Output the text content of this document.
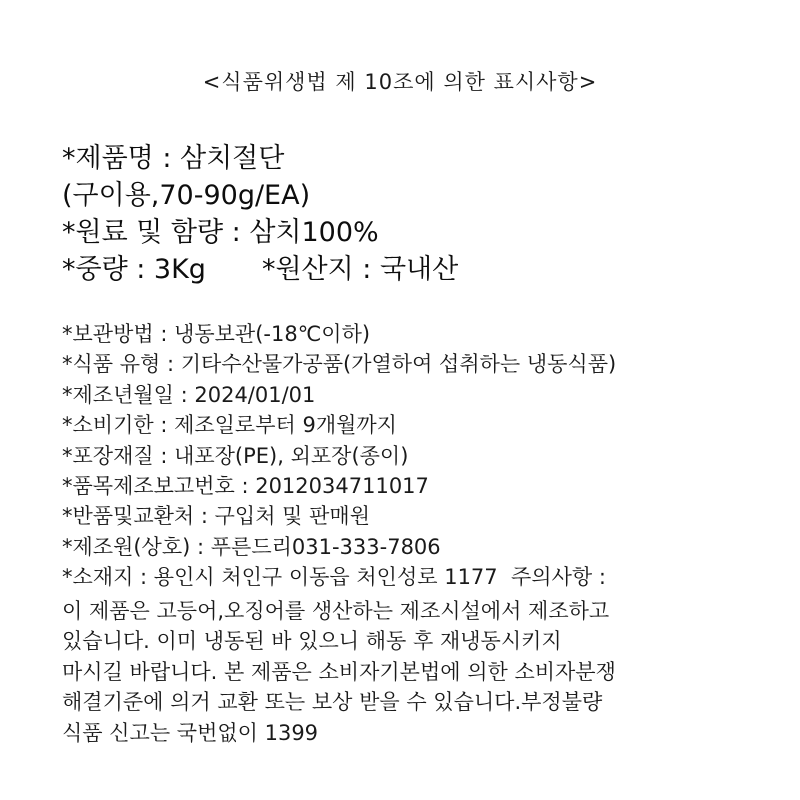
<식품위생법 제 10조에 의한 표시사항>
*제품명 : 삼치절단
(구이용,70-90g/EA)
*원료 및 함량 : 삼치100%
*중량 : 3Kg *원산지 : 국내산
*보관방법 : 냉동보관(-18℃이하)
*식품 유형 : 기타수산물가공품(가열하여 섭취하는 냉동식품)
*제조년월일 : 2024/01/01
*소비기한 : 제조일로부터 9개월까지
*포장재질 : 내포장(PE), 외포장(종이)
*품목제조보고번호 : 2012034711017
*반품및교환처 : 구입처 및 판매원
*제조원(상호) : 푸른드리031-333-7806
*소재지 : 용인시 처인구 이동읍 처인성로 1177  주의사항 :
이 제품은 고등어,오징어를 생산하는 제조시설에서 제조하고
있습니다. 이미 냉동된 바 있으니 해동 후 재냉동시키지
마시길 바랍니다. 본 제품은 소비자기본법에 의한 소비자분쟁
해결기준에 의거 교환 또는 보상 받을 수 있습니다.부정불량
식품 신고는 국번없이 1399
